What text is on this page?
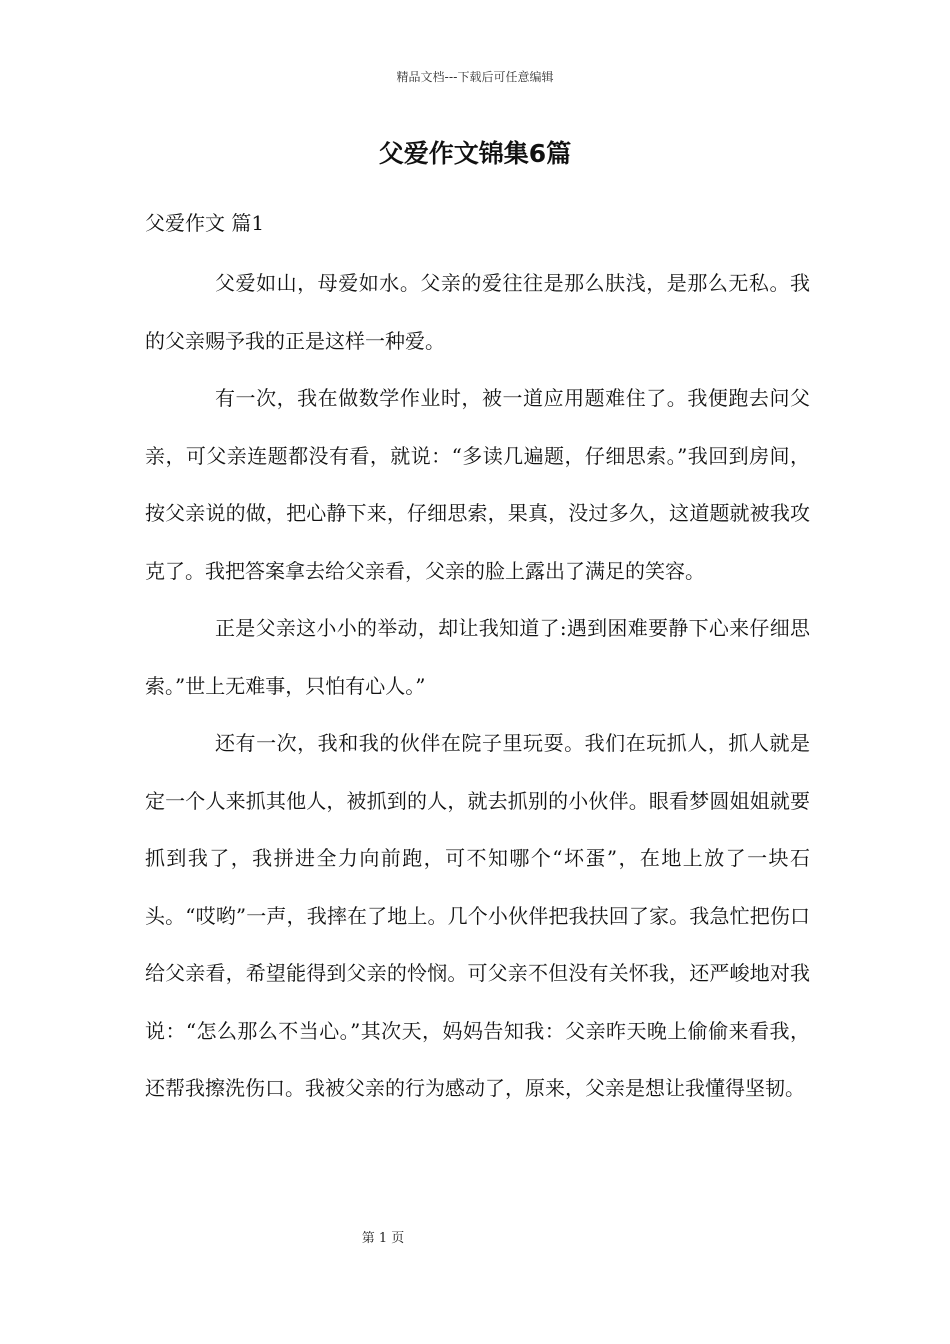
精品文档---下载后可任意编辑
父爱作文锦集6篇
父爱作文 篇1

父爱如山，母爱如水。父亲的爱往往是那么肤浅，是那么无私。我的父亲赐予我的正是这样一种爱。

有一次，我在做数学作业时，被一道应用题难住了。我便跑去问父亲，可父亲连题都没有看，就说：“多读几遍题，仔细思索。”我回到房间，按父亲说的做，把心静下来，仔细思索，果真，没过多久，这道题就被我攻克了。我把答案拿去给父亲看，父亲的脸上露出了满足的笑容。

正是父亲这小小的举动，却让我知道了:遇到困难要静下心来仔细思索。”世上无难事，只怕有心人。”

还有一次，我和我的伙伴在院子里玩耍。我们在玩抓人，抓人就是定一个人来抓其他人，被抓到的人，就去抓别的小伙伴。眼看梦圆姐姐就要抓到我了，我拼进全力向前跑，可不知哪个“坏蛋”，在地上放了一块石头。“哎哟”一声，我摔在了地上。几个小伙伴把我扶回了家。我急忙把伤口给父亲看，希望能得到父亲的怜悯。可父亲不但没有关怀我，还严峻地对我说：“怎么那么不当心。”其次天，妈妈告知我：父亲昨天晚上偷偷来看我，还帮我擦洗伤口。我被父亲的行为感动了，原来，父亲是想让我懂得坚韧。

第 1 页
